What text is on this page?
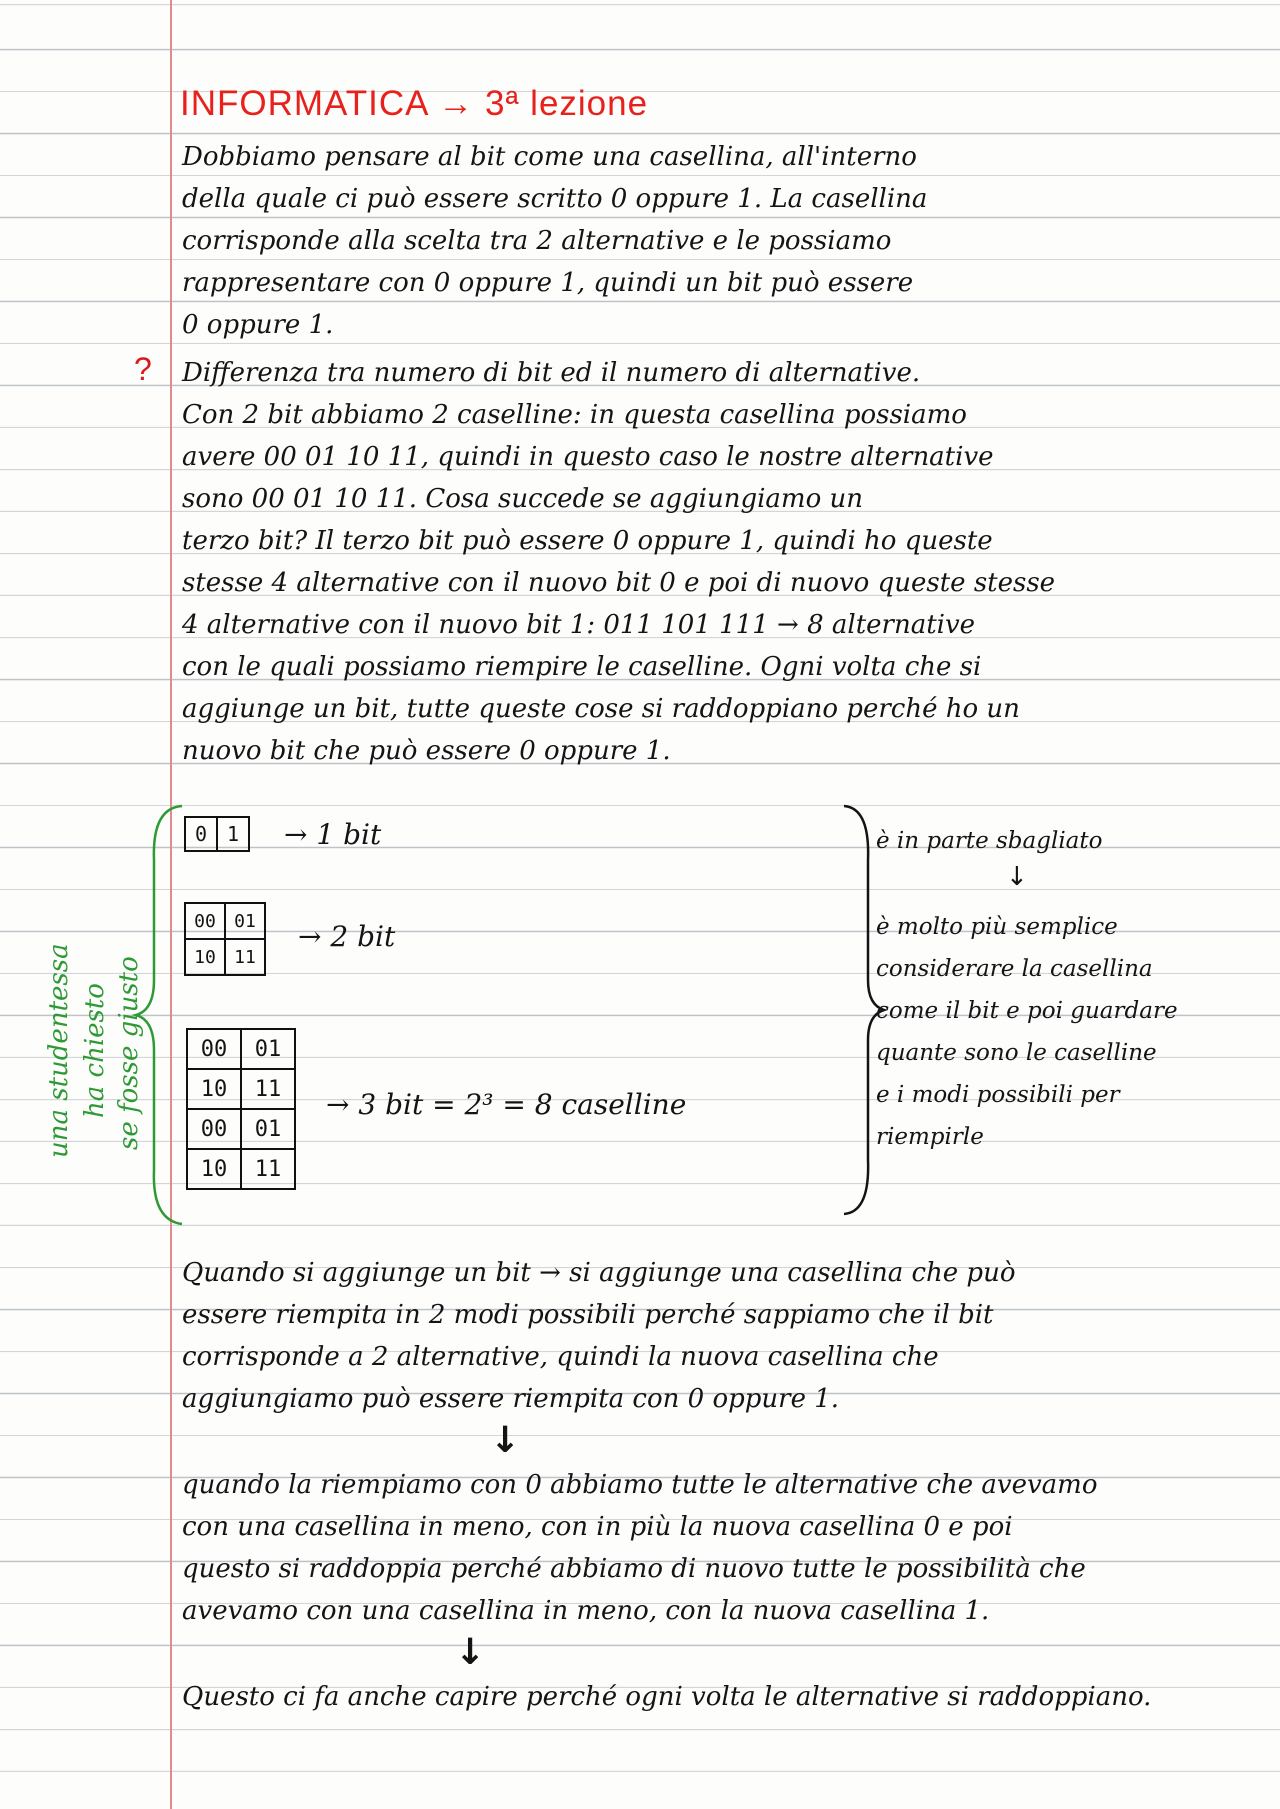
INFORMATICA → 3ª lezione
?
Dobbiamo pensare al bit come una casellina, all'interno
della quale ci può essere scritto 0 oppure 1. La casellina
corrisponde alla scelta tra 2 alternative e le possiamo
rappresentare con 0 oppure 1, quindi un bit può essere
0 oppure 1.
Differenza tra numero di bit ed il numero di alternative.
Con 2 bit abbiamo 2 caselline: in questa casellina possiamo
avere 00 01 10 11, quindi in questo caso le nostre alternative
sono 00 01 10 11. Cosa succede se aggiungiamo un
terzo bit? Il terzo bit può essere 0 oppure 1, quindi ho queste
stesse 4 alternative con il nuovo bit 0 e poi di nuovo queste stesse
4 alternative con il nuovo bit 1: 011 101 111 → 8 alternative
con le quali possiamo riempire le caselline. Ogni volta che si
aggiunge un bit, tutte queste cose si raddoppiano perché ho un
nuovo bit che può essere 0 oppure 1.
una studentessa ha chiesto se fosse giusto
0	1 → 1 bit
00	01
10	11
→ 2 bit
00	01
10	11
00	01
10	11
→ 3 bit = 2³ = 8 caselline
è in parte sbagliato
↓
è molto più semplice
considerare la casellina
come il bit e poi guardare
quante sono le caselline
e i modi possibili per
riempirle
Quando si aggiunge un bit → si aggiunge una casellina che può
essere riempita in 2 modi possibili perché sappiamo che il bit
corrisponde a 2 alternative, quindi la nuova casellina che
aggiungiamo può essere riempita con 0 oppure 1.
↓
quando la riempiamo con 0 abbiamo tutte le alternative che avevamo
con una casellina in meno, con in più la nuova casellina 0 e poi
questo si raddoppia perché abbiamo di nuovo tutte le possibilità che
avevamo con una casellina in meno, con la nuova casellina 1.
↓
Questo ci fa anche capire perché ogni volta le alternative si raddoppiano.
